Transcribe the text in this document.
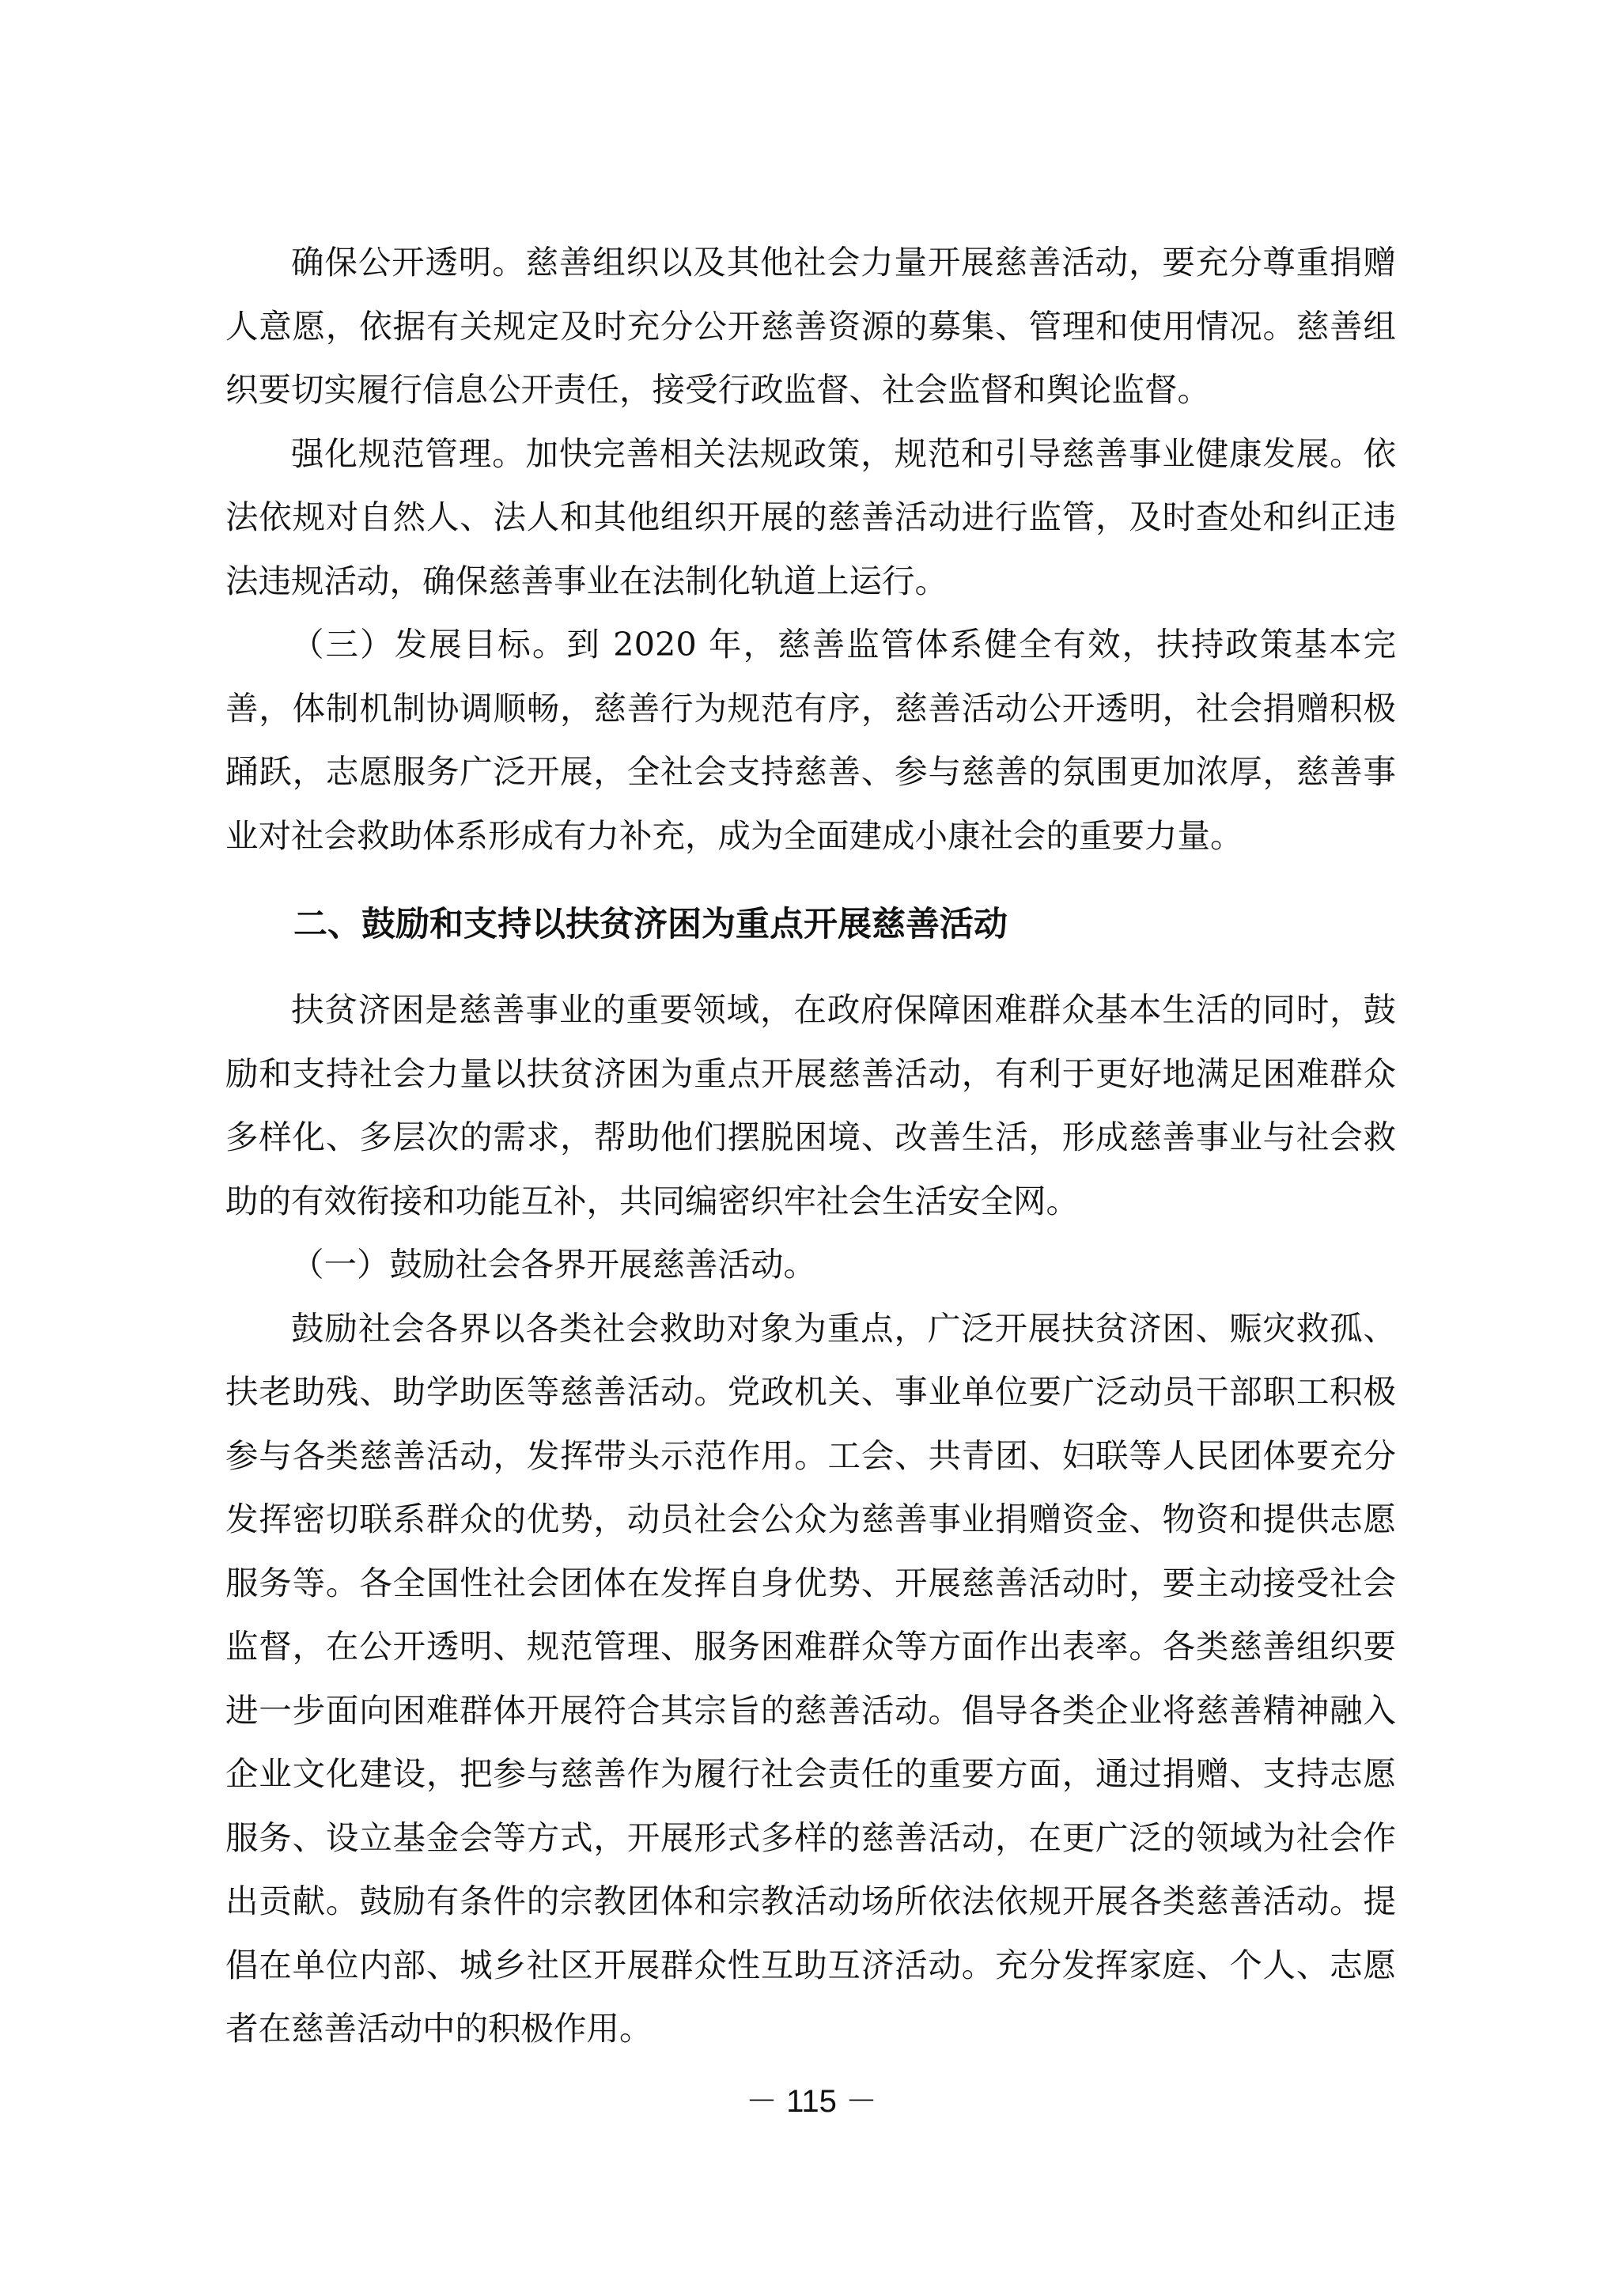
确保公开透明。慈善组织以及其他社会力量开展慈善活动，要充分尊重捐赠人意愿，依据有关规定及时充分公开慈善资源的募集、管理和使用情况。慈善组织要切实履行信息公开责任，接受行政监督、社会监督和舆论监督。

强化规范管理。加快完善相关法规政策，规范和引导慈善事业健康发展。依法依规对自然人、法人和其他组织开展的慈善活动进行监管，及时查处和纠正违法违规活动，确保慈善事业在法制化轨道上运行。

（三）发展目标。到 2020 年，慈善监管体系健全有效，扶持政策基本完善，体制机制协调顺畅，慈善行为规范有序，慈善活动公开透明，社会捐赠积极踊跃，志愿服务广泛开展，全社会支持慈善、参与慈善的氛围更加浓厚，慈善事业对社会救助体系形成有力补充，成为全面建成小康社会的重要力量。

二、鼓励和支持以扶贫济困为重点开展慈善活动

扶贫济困是慈善事业的重要领域，在政府保障困难群众基本生活的同时，鼓励和支持社会力量以扶贫济困为重点开展慈善活动，有利于更好地满足困难群众多样化、多层次的需求，帮助他们摆脱困境、改善生活，形成慈善事业与社会救助的有效衔接和功能互补，共同编密织牢社会生活安全网。

（一）鼓励社会各界开展慈善活动。

鼓励社会各界以各类社会救助对象为重点，广泛开展扶贫济困、赈灾救孤、扶老助残、助学助医等慈善活动。党政机关、事业单位要广泛动员干部职工积极参与各类慈善活动，发挥带头示范作用。工会、共青团、妇联等人民团体要充分发挥密切联系群众的优势，动员社会公众为慈善事业捐赠资金、物资和提供志愿服务等。各全国性社会团体在发挥自身优势、开展慈善活动时，要主动接受社会监督，在公开透明、规范管理、服务困难群众等方面作出表率。各类慈善组织要进一步面向困难群体开展符合其宗旨的慈善活动。倡导各类企业将慈善精神融入企业文化建设，把参与慈善作为履行社会责任的重要方面，通过捐赠、支持志愿服务、设立基金会等方式，开展形式多样的慈善活动，在更广泛的领域为社会作出贡献。鼓励有条件的宗教团体和宗教活动场所依法依规开展各类慈善活动。提倡在单位内部、城乡社区开展群众性互助互济活动。充分发挥家庭、个人、志愿者在慈善活动中的积极作用。

－ 115 －
